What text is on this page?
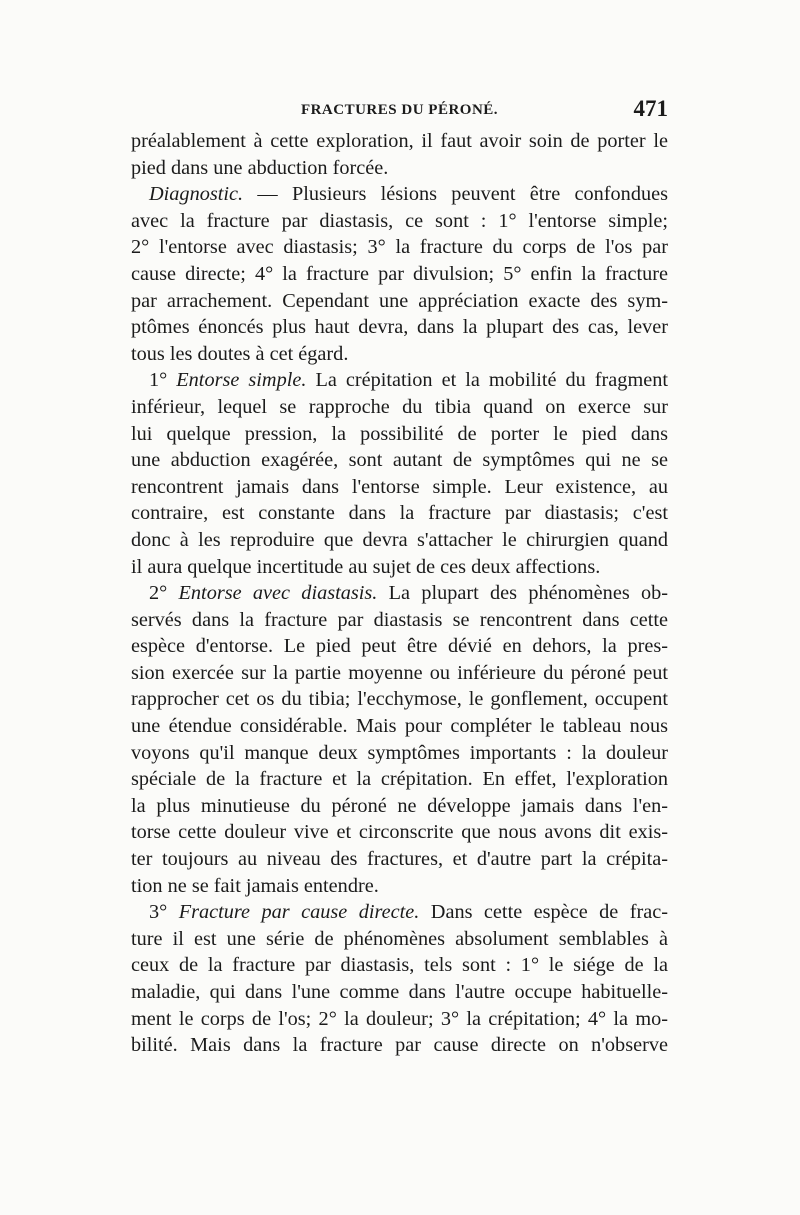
FRACTURES DU PÉRONÉ.	471
préalablement à cette exploration, il faut avoir soin de porter le
pied dans une abduction forcée.
Diagnostic. — Plusieurs lésions peuvent être confondues
avec la fracture par diastasis, ce sont : 1° l'entorse simple;
2° l'entorse avec diastasis; 3° la fracture du corps de l'os par
cause directe; 4° la fracture par divulsion; 5° enfin la fracture
par arrachement. Cependant une appréciation exacte des sym-
ptômes énoncés plus haut devra, dans la plupart des cas, lever
tous les doutes à cet égard.
1° Entorse simple. La crépitation et la mobilité du fragment
inférieur, lequel se rapproche du tibia quand on exerce sur
lui quelque pression, la possibilité de porter le pied dans
une abduction exagérée, sont autant de symptômes qui ne se
rencontrent jamais dans l'entorse simple. Leur existence, au
contraire, est constante dans la fracture par diastasis; c'est
donc à les reproduire que devra s'attacher le chirurgien quand
il aura quelque incertitude au sujet de ces deux affections.
2° Entorse avec diastasis. La plupart des phénomènes ob-
servés dans la fracture par diastasis se rencontrent dans cette
espèce d'entorse. Le pied peut être dévié en dehors, la pres-
sion exercée sur la partie moyenne ou inférieure du péroné peut
rapprocher cet os du tibia; l'ecchymose, le gonflement, occupent
une étendue considérable. Mais pour compléter le tableau nous
voyons qu'il manque deux symptômes importants : la douleur
spéciale de la fracture et la crépitation. En effet, l'exploration
la plus minutieuse du péroné ne développe jamais dans l'en-
torse cette douleur vive et circonscrite que nous avons dit exis-
ter toujours au niveau des fractures, et d'autre part la crépita-
tion ne se fait jamais entendre.
3° Fracture par cause directe. Dans cette espèce de frac-
ture il est une série de phénomènes absolument semblables à
ceux de la fracture par diastasis, tels sont : 1° le siége de la
maladie, qui dans l'une comme dans l'autre occupe habituelle-
ment le corps de l'os; 2° la douleur; 3° la crépitation; 4° la mo-
bilité. Mais dans la fracture par cause directe on n'observe
